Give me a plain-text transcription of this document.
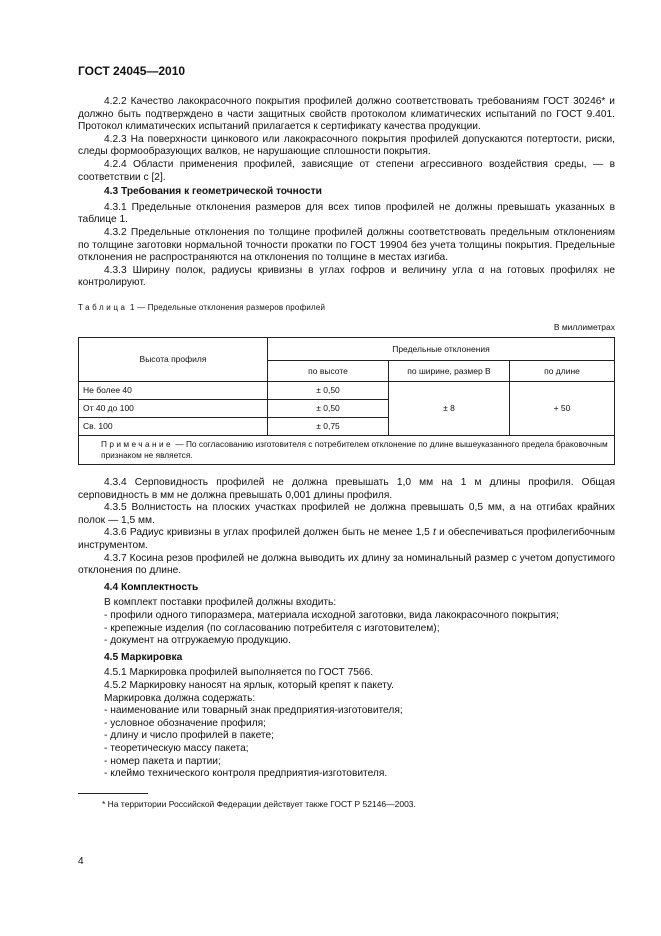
ГОСТ 24045—2010

4.2.2 Качество лакокрасочного покрытия профилей должно соответствовать требованиям ГОСТ 30246* и должно быть подтверждено в части защитных свойств протоколом климатических испытаний по ГОСТ 9.401. Протокол климатических испытаний прилагается к сертификату качества продукции.

4.2.3 На поверхности цинкового или лакокрасочного покрытия профилей допускаются потертости, риски, следы формообразующих валков, не нарушающие сплошности покрытия.

4.2.4 Области применения профилей, зависящие от степени агрессивного воздействия среды, — в соответствии с [2].

4.3 Требования к геометрической точности

4.3.1 Предельные отклонения размеров для всех типов профилей не должны превышать указанных в таблице 1.

4.3.2 Предельные отклонения по толщине профилей должны соответствовать предельным отклонениям по толщине заготовки нормальной точности прокатки по ГОСТ 19904 без учета толщины покрытия. Предельные отклонения не распространяются на отклонения по толщине в местах изгиба.

4.3.3 Ширину полок, радиусы кривизны в углах гофров и величину угла α на готовых профилях не контролируют.

Таблица 1 — Предельные отклонения размеров профилей
В миллиметрах
Высота профиля	Предельные отклонения		
	по высоте	по ширине, размер B	по длине
Не более 40	± 0,50	± 8	+ 50
От 40 до 100	± 0,50		
Св. 100	± 0,75		
Примечание — По согласованию изготовителя с потребителем отклонение по длине вышеуказанного предела браковочным признаком не является.			

4.3.4 Серповидность профилей не должна превышать 1,0 мм на 1 м длины профиля. Общая серповидность в мм не должна превышать 0,001 длины профиля.

4.3.5 Волнистость на плоских участках профилей не должна превышать 0,5 мм, а на отгибах крайних полок — 1,5 мм.

4.3.6 Радиус кривизны в углах профилей должен быть не менее 1,5 t и обеспечиваться профилегибочным инструментом.

4.3.7 Косина резов профилей не должна выводить их длину за номинальный размер с учетом допустимого отклонения по длине.

4.4 Комплектность
В комплект поставки профилей должны входить:
- профили одного типоразмера, материала исходной заготовки, вида лакокрасочного покрытия;
- крепежные изделия (по согласованию потребителя с изготовителем);
- документ на отгружаемую продукцию.
4.5 Маркировка
4.5.1 Маркировка профилей выполняется по ГОСТ 7566.
4.5.2 Маркировку наносят на ярлык, который крепят к пакету.
Маркировка должна содержать:
- наименование или товарный знак предприятия-изготовителя;
- условное обозначение профиля;
- длину и число профилей в пакете;
- теоретическую массу пакета;
- номер пакета и партии;
- клеймо технического контроля предприятия-изготовителя.
* На территории Российской Федерации действует также ГОСТ Р 52146—2003.
4
